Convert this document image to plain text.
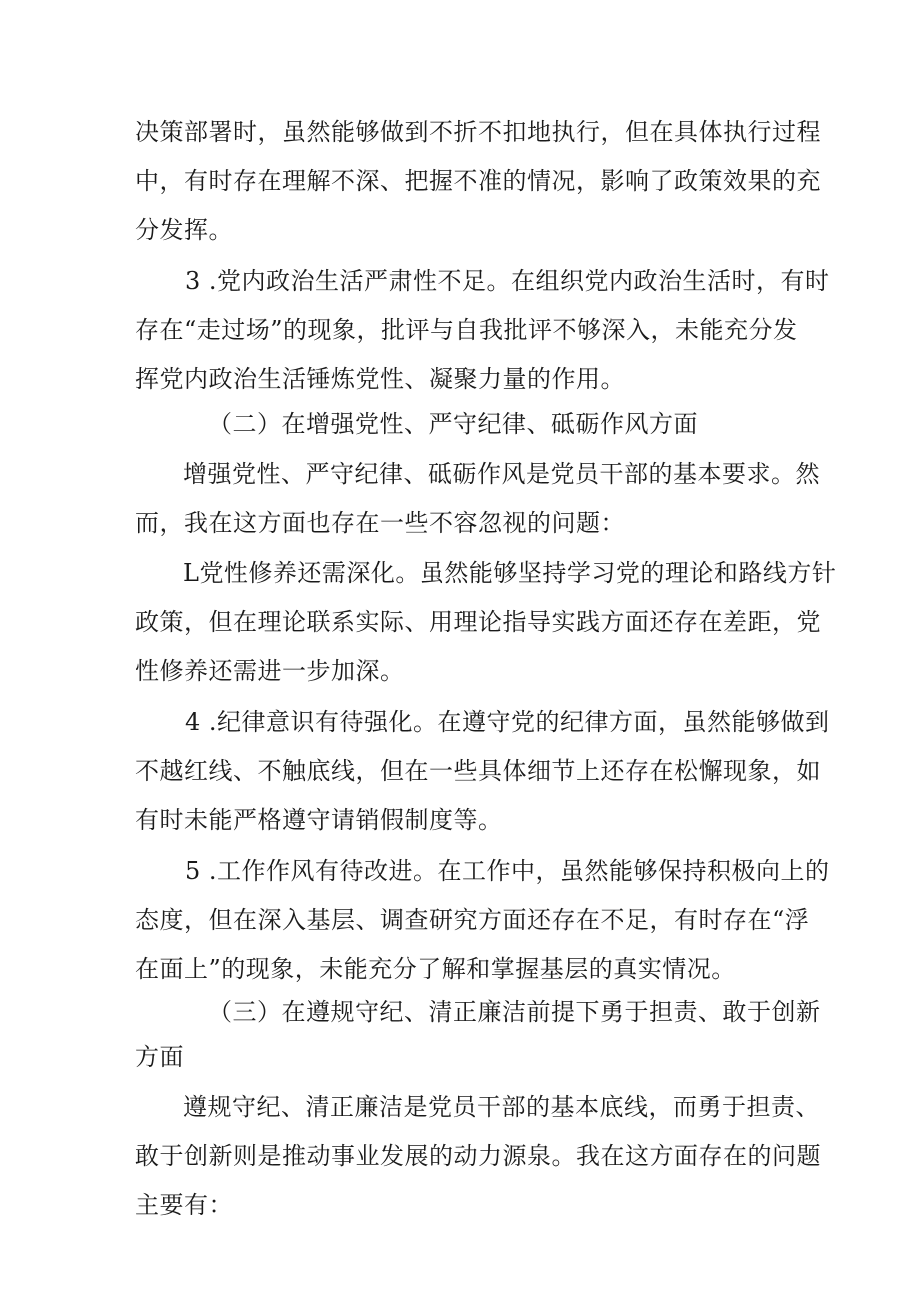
决策部署时，虽然能够做到不折不扣地执行，但在具体执行过程
中，有时存在理解不深、把握不准的情况，影响了政策效果的充
分发挥。
3 .党内政治生活严肃性不足。在组织党内政治生活时，有时
存在“走过场”的现象，批评与自我批评不够深入，未能充分发
挥党内政治生活锤炼党性、凝聚力量的作用。
（二）在增强党性、严守纪律、砥砺作风方面
增强党性、严守纪律、砥砺作风是党员干部的基本要求。然
而，我在这方面也存在一些不容忽视的问题：
L党性修养还需深化。虽然能够坚持学习党的理论和路线方针
政策，但在理论联系实际、用理论指导实践方面还存在差距，党
性修养还需进一步加深。
4 .纪律意识有待强化。在遵守党的纪律方面，虽然能够做到
不越红线、不触底线，但在一些具体细节上还存在松懈现象，如
有时未能严格遵守请销假制度等。
5 .工作作风有待改进。在工作中，虽然能够保持积极向上的
态度，但在深入基层、调查研究方面还存在不足，有时存在“浮
在面上”的现象，未能充分了解和掌握基层的真实情况。
（三）在遵规守纪、清正廉洁前提下勇于担责、敢于创新
方面
遵规守纪、清正廉洁是党员干部的基本底线，而勇于担责、
敢于创新则是推动事业发展的动力源泉。我在这方面存在的问题
主要有：
